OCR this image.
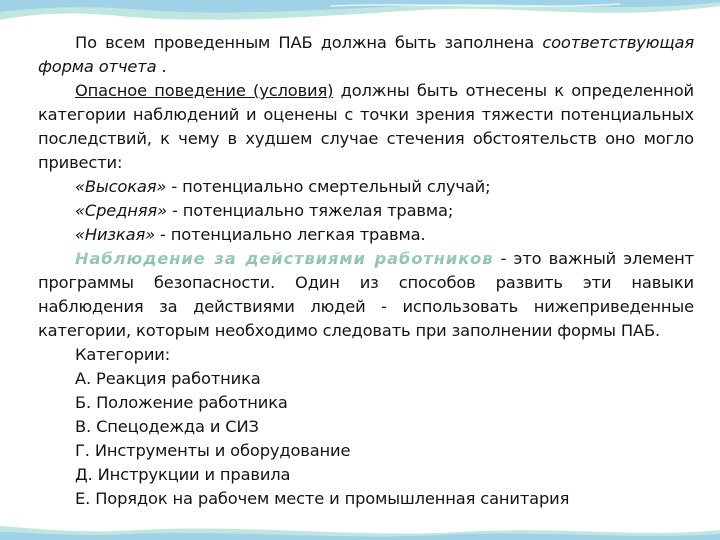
По всем проведенным ПАБ должна быть заполнена соответствующая форма отчета .

Опасное поведение (условия) должны быть отнесены к определенной категории наблюдений и оценены с точки зрения тяжести потенциальных последствий, к чему в худшем случае стечения обстоятельств оно могло привести:

«Высокая» - потенциально смертельный случай;
«Средняя» - потенциально тяжелая травма;
«Низкая» - потенциально легкая травма.

Наблюдение за действиями работников - это важный элемент программы безопасности. Один из способов развить эти навыки наблюдения за действиями людей - использовать нижеприведенные категории, которым необходимо следовать при заполнении формы ПАБ.

Категории:
А. Реакция работника
Б. Положение работника
В. Спецодежда и СИЗ
Г. Инструменты и оборудование
Д. Инструкции и правила
Е. Порядок на рабочем месте и промышленная санитария
